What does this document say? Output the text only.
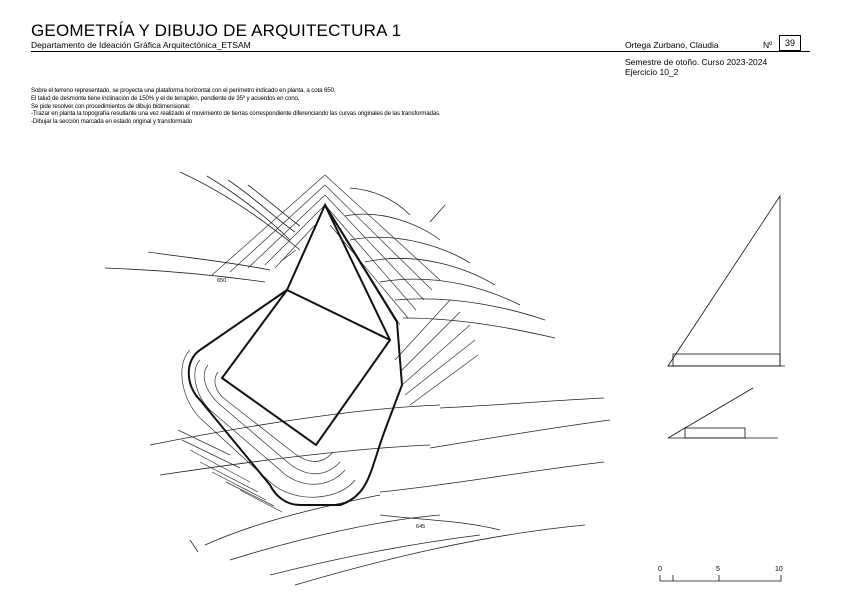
GEOMETRÍA Y DIBUJO DE ARQUITECTURA 1
Departamento de Ideación Gráfica Arquitectónica_ETSAM	Ortega Zurbano, Claudia	Nº	39
Semestre de otoño. Curso 2023-2024
Ejercicio 10_2
Sobre el terreno representado, se proyecta una plataforma horizontal con el perímetro indicado en planta, a cota 650.
El talud de desmonte tiene inclinación de 150% y el de terraplén, pendiente de 35º y acuerdos en cono.
Se pide resolver con procedimientos de dibujo bidimensional:
-Trazar en planta la topografía resultante una vez realizado el movimiento de tierras correspondiente diferenciando las curvas originales de las transformadas.
-Dibujar la sección marcada en estado original y transformado
650
645
0	5	10
